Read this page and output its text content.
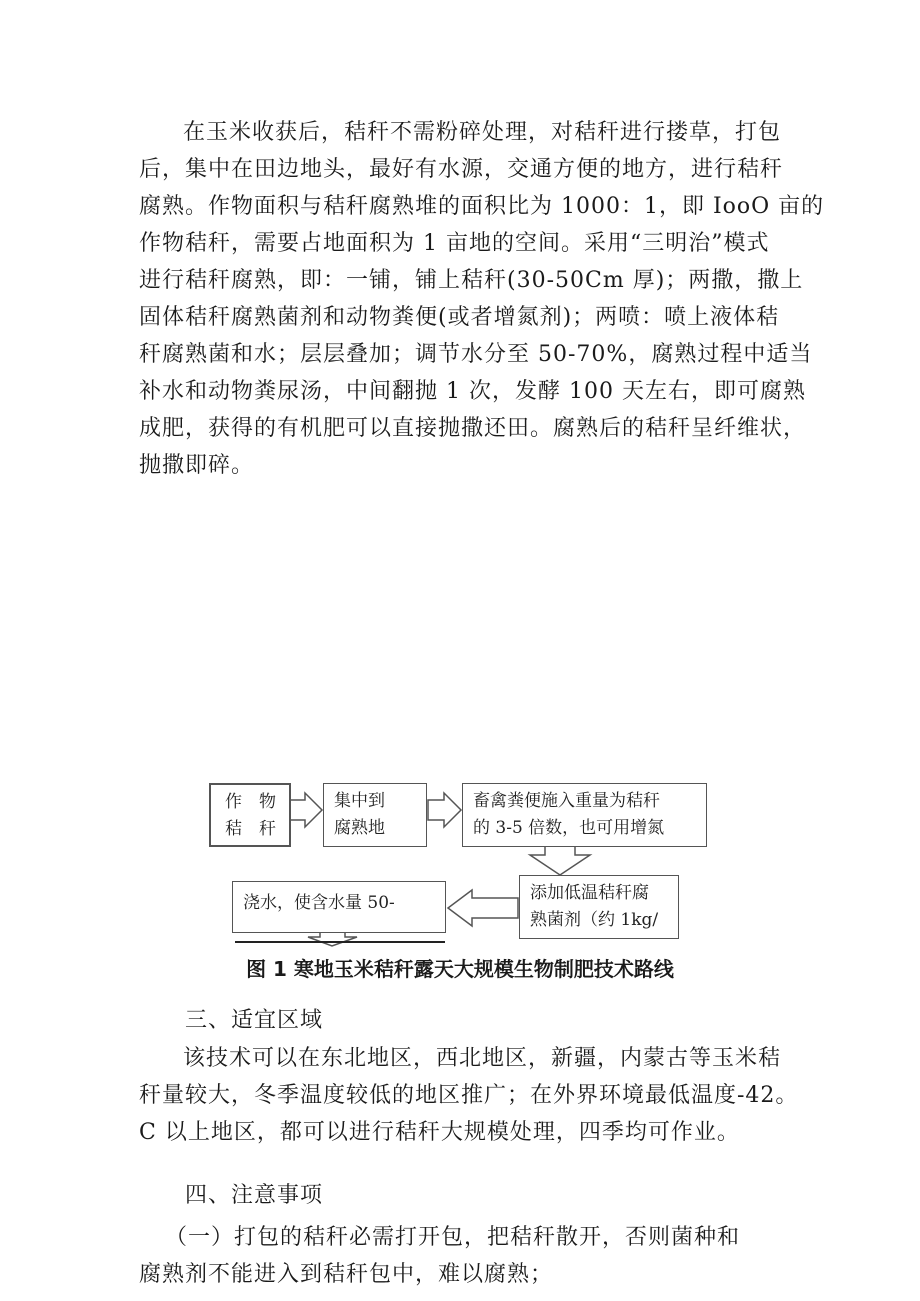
在玉米收获后，秸秆不需粉碎处理，对秸秆进行搂草，打包
后，集中在田边地头，最好有水源，交通方便的地方，进行秸秆
腐熟。作物面积与秸秆腐熟堆的面积比为 1000：1，即 IooO 亩的
作物秸秆，需要占地面积为 1 亩地的空间。采用“三明治”模式
进行秸秆腐熟，即：一铺，铺上秸秆(30-50Cm 厚)；两撒，撒上
固体秸秆腐熟菌剂和动物粪便(或者增氮剂)；两喷：喷上液体秸
秆腐熟菌和水；层层叠加；调节水分至 50-70%，腐熟过程中适当
补水和动物粪尿汤，中间翻抛 1 次，发酵 100 天左右，即可腐熟
成肥，获得的有机肥可以直接抛撒还田。腐熟后的秸秆呈纤维状，
抛撒即碎。
作　物
秸　秆
集中到
腐熟地
畜禽粪便施入重量为秸秆
的 3-5 倍数，也可用增氮
添加低温秸秆腐
熟菌剂（约 1kg/
浇水，使含水量 50-

图 1 寒地玉米秸秆露天大规模生物制肥技术路线

三、适宜区域

该技术可以在东北地区，西北地区，新疆，内蒙古等玉米秸
秆量较大，冬季温度较低的地区推广；在外界环境最低温度-42。
C 以上地区，都可以进行秸秆大规模处理，四季均可作业。

四、注意事项

（一）打包的秸秆必需打开包，把秸秆散开，否则菌种和
腐熟剂不能进入到秸秆包中，难以腐熟；
